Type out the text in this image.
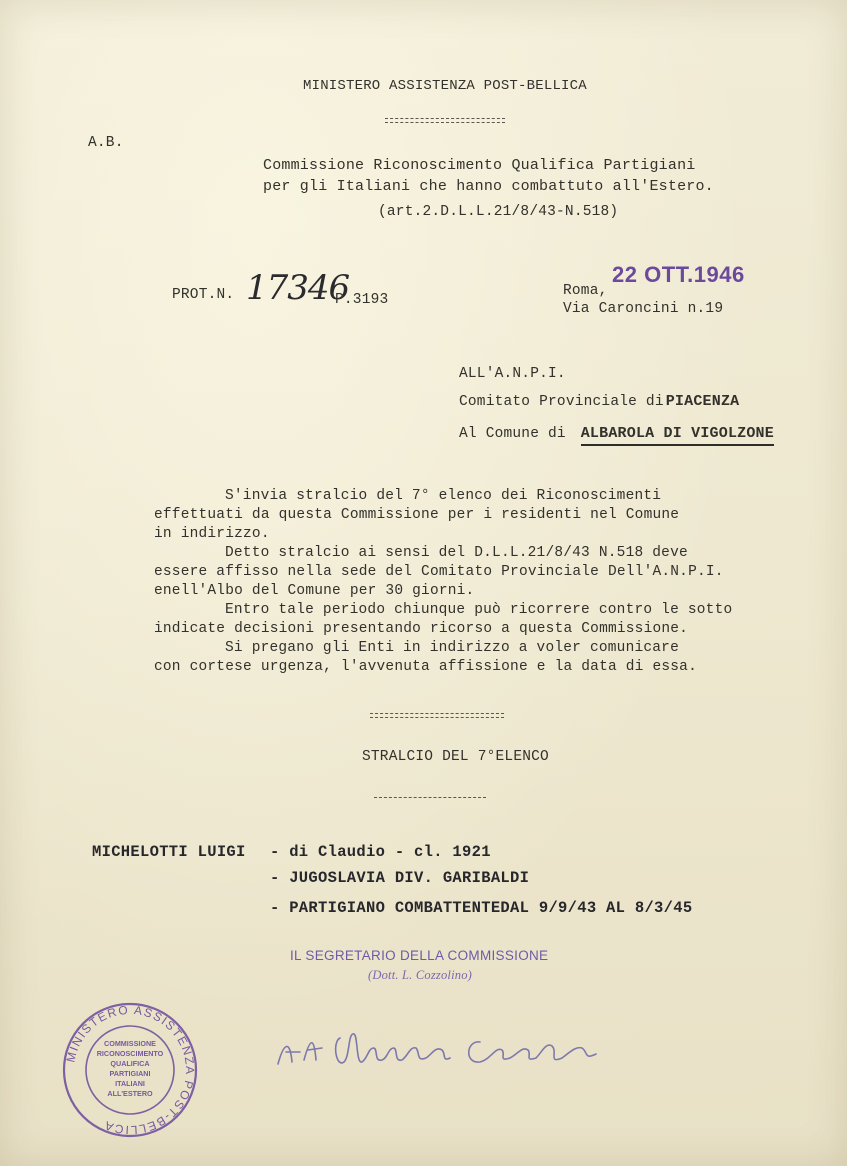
MINISTERO ASSISTENZA POST-BELLICA
A.B.
Commissione Riconoscimento Qualifica Partigiani
per gli Italiani che hanno combattuto all'Estero.
(art.2.D.L.L.21/8/43-N.518)
PROT.N. 17346
P.3193
22 OTT.1946
Roma,
Via Caroncini n.19
ALL'A.N.P.I.
Comitato Provinciale di PIACENZA
Al Comune di ALBAROLA DI VIGOLZONE
S'invia stralcio del 7° elenco dei Riconoscimenti
effettuati da questa Commissione per i residenti nel Comune
in indirizzo.
Detto stralcio ai sensi del D.L.L.21/8/43 N.518 deve
essere affisso nella sede del Comitato Provinciale Dell'A.N.P.I.
enell'Albo del Comune per 30 giorni.
Entro tale periodo chiunque può ricorrere contro le sotto
indicate decisioni presentando ricorso a questa Commissione.
Si pregano gli Enti in indirizzo a voler comunicare
con cortese urgenza, l'avvenuta affissione e la data di essa.
STRALCIO DEL 7°ELENCO
MICHELOTTI LUIGI - di Claudio - cl. 1921
- JUGOSLAVIA DIV. GARIBALDI
- PARTIGIANO COMBATTENTEDAL 9/9/43 AL 8/3/45
IL SEGRETARIO DELLA COMMISSIONE
(Dott. L. Cozzolino)
MINISTERO ASSISTENZA POST-BELLICA
COMMISSIONE
RICONOSCIMENTO
QUALIFICA
PARTIGIANI
ITALIANI
ALL'ESTERO
